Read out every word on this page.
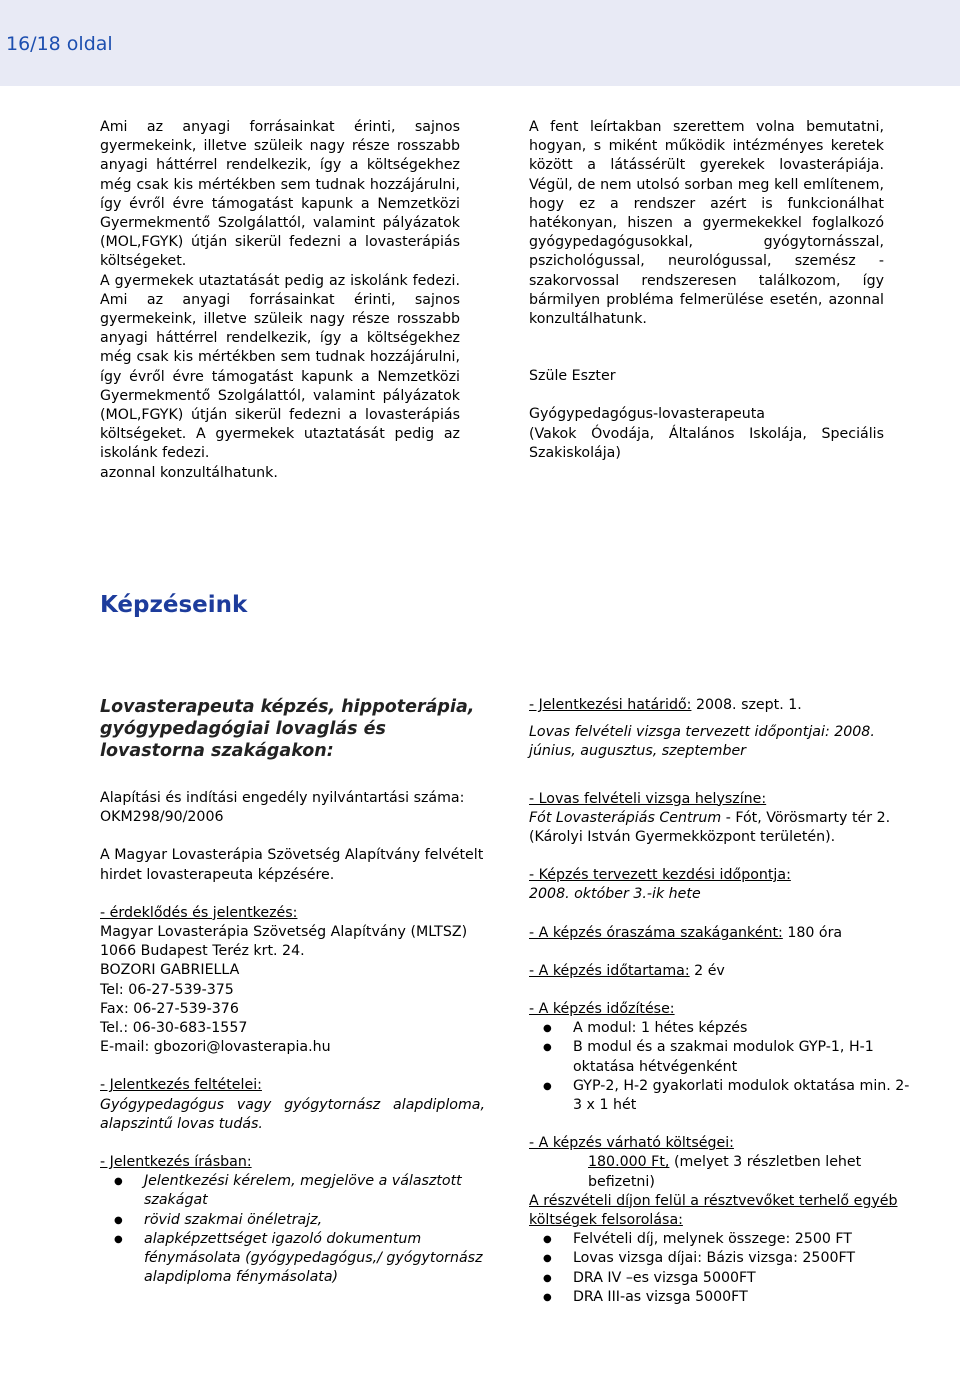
16/18 oldal

Ami az anyagi forrásainkat érinti, sajnos gyermekeink, illetve szüleik nagy része rosszabb anyagi háttérrel rendelkezik, így a költségekhez még csak kis mértékben sem tudnak hozzájárulni, így évről évre támogatást kapunk a Nemzetközi Gyermekmentő Szolgálattól, valamint pályázatok (MOL,FGYK) útján sikerül fedezni a lovasterápiás költségeket.

A gyermekek utaztatását pedig az iskolánk fedezi. Ami az anyagi forrásainkat érinti, sajnos gyermekeink, illetve szüleik nagy része rosszabb anyagi háttérrel rendelkezik, így a költségekhez még csak kis mértékben sem tudnak hozzájárulni, így évről évre támogatást kapunk a Nemzetközi Gyermekmentő Szolgálattól, valamint pályázatok (MOL,FGYK) útján sikerül fedezni a lovasterápiás költségeket. A gyermekek utaztatását pedig az iskolánk fedezi.

azonnal konzultálhatunk.

A fent leírtakban szerettem volna bemutatni, hogyan, s miként működik intézményes keretek között a látássérült gyerekek lovasterápiája. Végül, de nem utolsó sorban meg kell említenem, hogy ez a rendszer azért is funkcionálhat hatékonyan, hiszen a gyermekekkel foglalkozó gyógypedagógusokkal, gyógytornásszal, pszichológussal, neurológussal, szemész - szakorvossal rendszeresen találkozom, így bármilyen probléma felmerülése esetén, azonnal konzultálhatunk.

Szüle Eszter

Gyógypedagógus-lovasterapeuta

(Vakok Óvodája, Általános Iskolája, Speciális Szakiskolája)

Képzéseink

Lovasterapeuta képzés, hippoterápia, gyógypedagógiai lovaglás és lovastorna szakágakon:

Alapítási és indítási engedély nyilvántartási száma:

OKM298/90/2006

A Magyar Lovasterápia Szövetség Alapítvány felvételt hirdet lovasterapeuta képzésére.

- érdeklődés és jelentkezés:

Magyar Lovasterápia Szövetség Alapítvány (MLTSZ)

1066 Budapest Teréz krt. 24.

BOZORI GABRIELLA

Tel: 06-27-539-375

Fax: 06-27-539-376

Tel.: 06-30-683-1557

E-mail: gbozori@lovasterapia.hu

- Jelentkezés feltételei:

Gyógypedagógus vagy gyógytornász alapdiploma, alapszintű lovas tudás.

- Jelentkezés írásban:

● Jelentkezési kérelem, megjelöve a választott szakágat
● rövid szakmai önéletrajz,
● alapképzettséget igazoló dokumentum fénymásolata (gyógypedagógus,/ gyógytornász alapdiploma fénymásolata)

- Jelentkezési határidő: 2008. szept. 1.

Lovas felvételi vizsga tervezett időpontjai: 2008. június, augusztus, szeptember

- Lovas felvételi vizsga helyszíne:

Fót Lovasterápiás Centrum - Fót, Vörösmarty tér 2. (Károlyi István Gyermekközpont területén).

- Képzés tervezett kezdési időpontja:

2008. október 3.-ik hete

- A képzés óraszáma szakáganként: 180 óra

- A képzés időtartama: 2 év

- A képzés időzítése:

● A modul: 1 hétes képzés
● B modul és a szakmai modulok GYP-1, H-1 oktatása hétvégenként
● GYP-2, H-2 gyakorlati modulok oktatása min. 2-3 x 1 hét

- A képzés várható költségei:

180.000 Ft, (melyet 3 részletben lehet befizetni)

A részvételi díjon felül a résztvevőket terhelő egyéb költségek felsorolása:

● Felvételi díj, melynek összege: 2500 FT
● Lovas vizsga díjai: Bázis vizsga: 2500FT
● DRA IV –es vizsga 5000FT
● DRA III-as vizsga 5000FT
